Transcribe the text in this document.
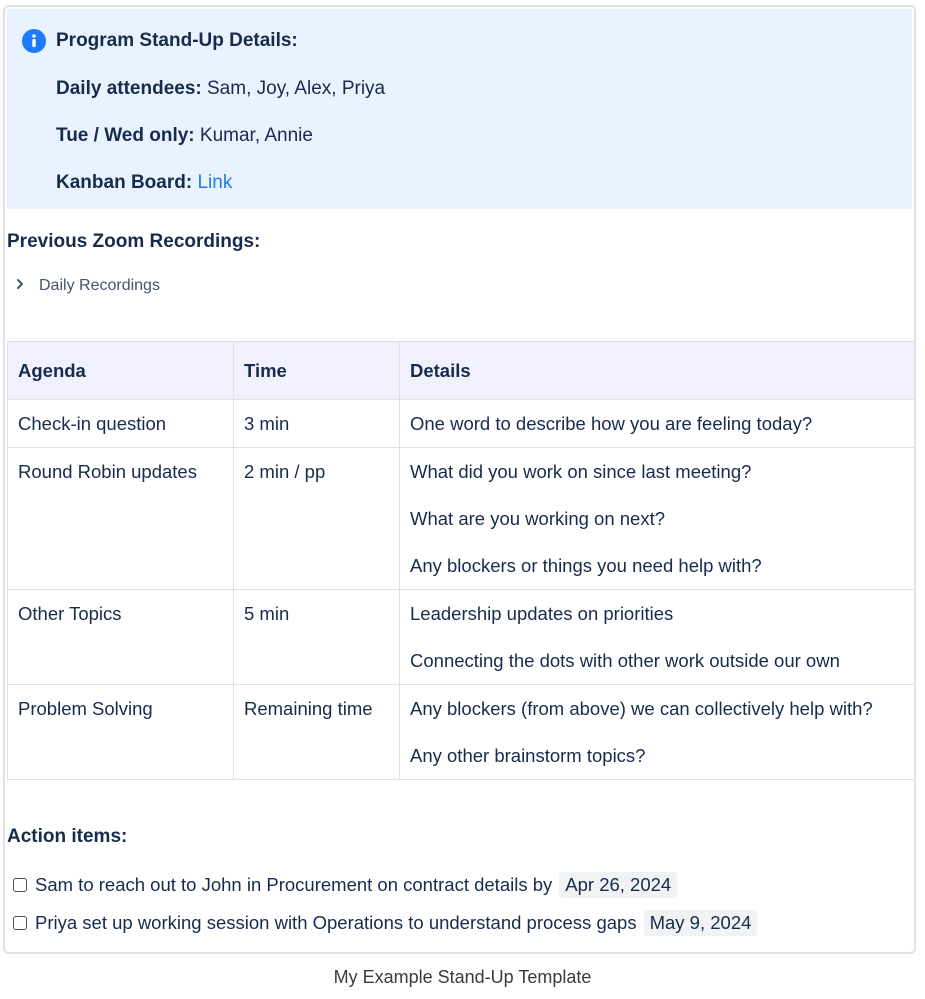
Program Stand-Up Details:
Daily attendees: Sam, Joy, Alex, Priya
Tue / Wed only: Kumar, Annie
Kanban Board: Link
Previous Zoom Recordings:
Daily Recordings
Agenda	Time	Details

Check-in question	3 min	One word to describe how you are feeling today?

Round Robin updates	2 min / pp	What did you work on since last meeting?

What are you working on next?

Any blockers or things you need help with?

Other Topics	5 min	Leadership updates on priorities

Connecting the dots with other work outside our own

Problem Solving	Remaining time	Any blockers (from above) we can collectively help with?

Any other brainstorm topics?

Action items:
Sam to reach out to John in Procurement on contract details by Apr 26, 2024
Priya set up working session with Operations to understand process gaps May 9, 2024
My Example Stand-Up Template
